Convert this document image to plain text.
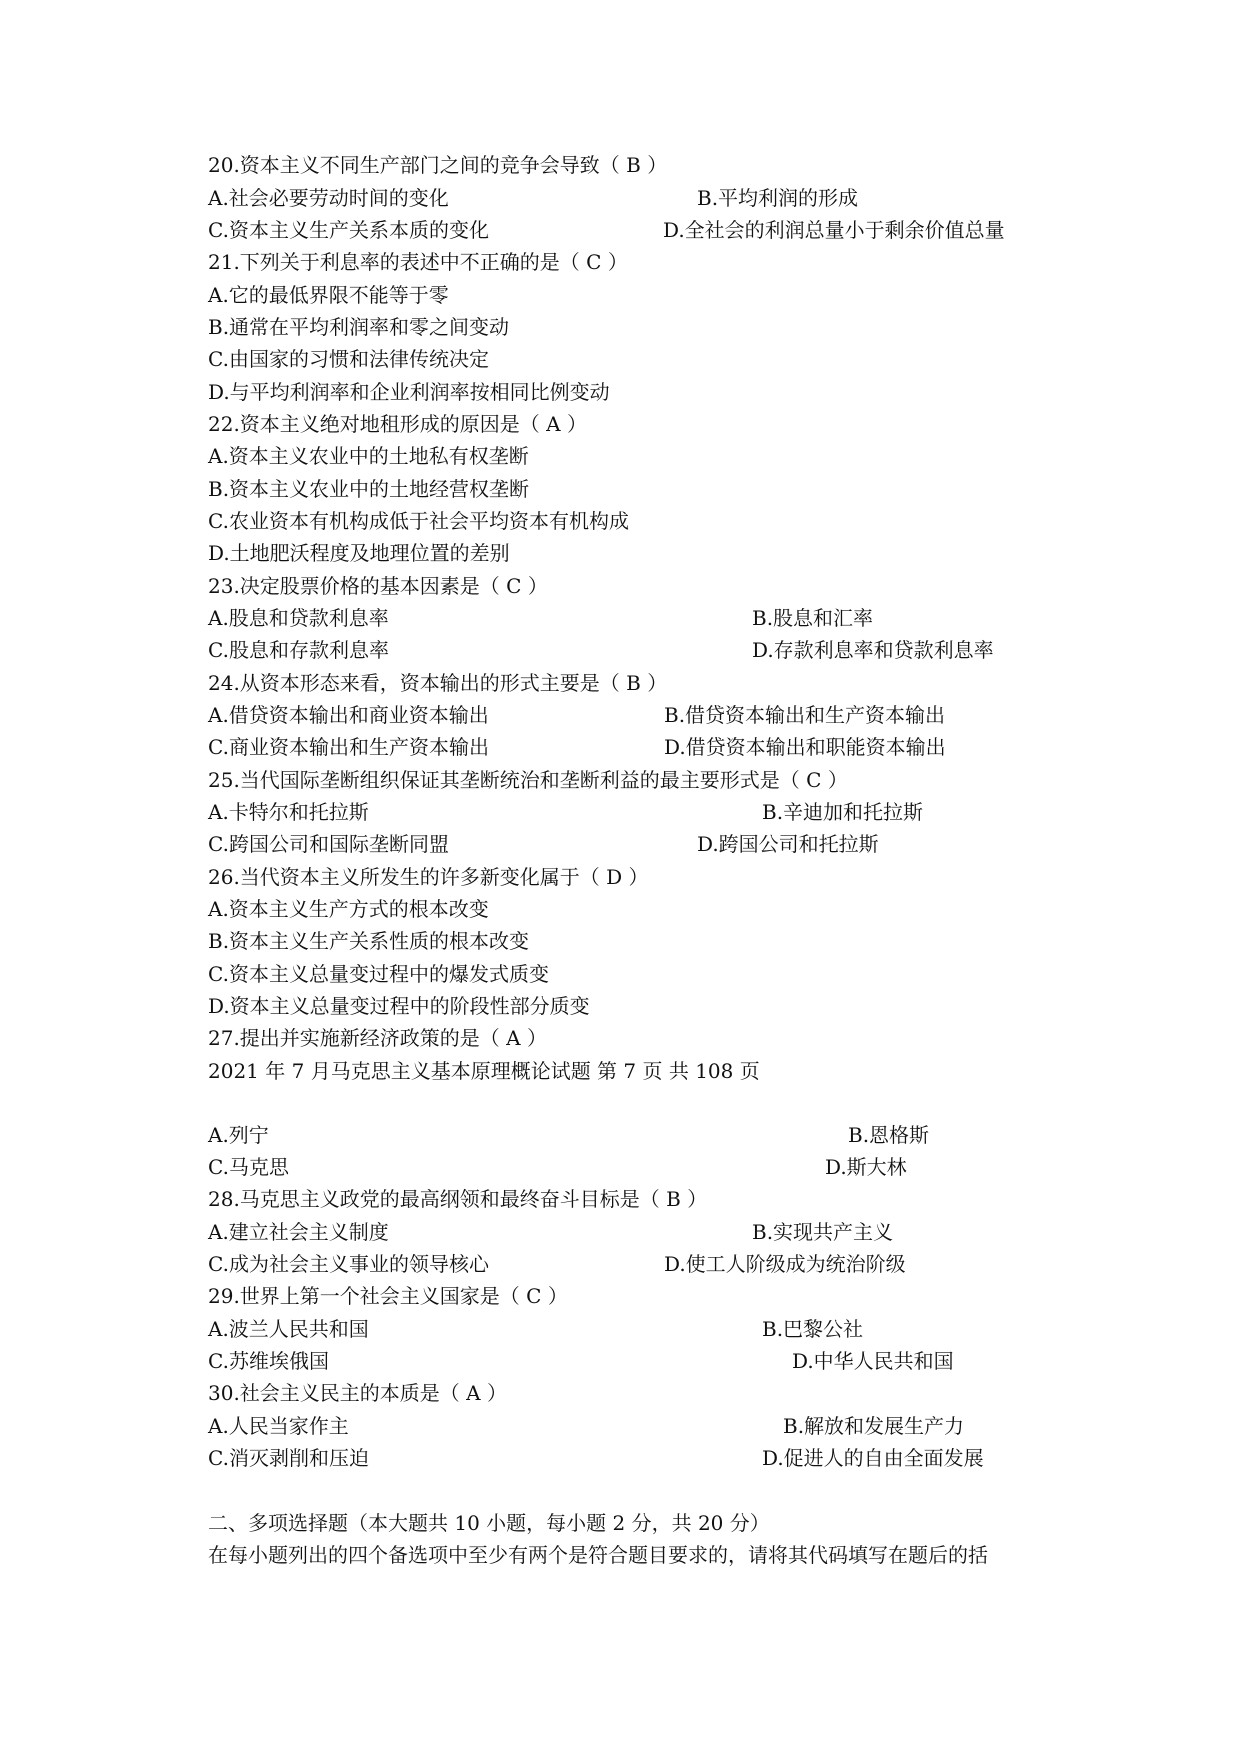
20.资本主义不同生产部门之间的竞争会导致（ B ）
A.社会必要劳动时间的变化	B.平均利润的形成
C.资本主义生产关系本质的变化	D.全社会的利润总量小于剩余价值总量
21.下列关于利息率的表述中不正确的是（ C ）
A.它的最低界限不能等于零
B.通常在平均利润率和零之间变动
C.由国家的习惯和法律传统决定
D.与平均利润率和企业利润率按相同比例变动
22.资本主义绝对地租形成的原因是（ A ）
A.资本主义农业中的土地私有权垄断
B.资本主义农业中的土地经营权垄断
C.农业资本有机构成低于社会平均资本有机构成
D.土地肥沃程度及地理位置的差别
23.决定股票价格的基本因素是（ C ）
A.股息和贷款利息率	B.股息和汇率
C.股息和存款利息率	D.存款利息率和贷款利息率
24.从资本形态来看，资本输出的形式主要是（ B ）
A.借贷资本输出和商业资本输出	B.借贷资本输出和生产资本输出
C.商业资本输出和生产资本输出	D.借贷资本输出和职能资本输出
25.当代国际垄断组织保证其垄断统治和垄断利益的最主要形式是（ C ）
A.卡特尔和托拉斯	B.辛迪加和托拉斯
C.跨国公司和国际垄断同盟	D.跨国公司和托拉斯
26.当代资本主义所发生的许多新变化属于（ D ）
A.资本主义生产方式的根本改变
B.资本主义生产关系性质的根本改变
C.资本主义总量变过程中的爆发式质变
D.资本主义总量变过程中的阶段性部分质变
27.提出并实施新经济政策的是（ A ）
2021 年 7 月马克思主义基本原理概论试题 第 7 页 共 108 页
A.列宁	B.恩格斯
C.马克思	D.斯大林
28.马克思主义政党的最高纲领和最终奋斗目标是（ B ）
A.建立社会主义制度	B.实现共产主义
C.成为社会主义事业的领导核心	D.使工人阶级成为统治阶级
29.世界上第一个社会主义国家是（ C ）
A.波兰人民共和国	B.巴黎公社
C.苏维埃俄国	D.中华人民共和国
30.社会主义民主的本质是（ A ）
A.人民当家作主	B.解放和发展生产力
C.消灭剥削和压迫	D.促进人的自由全面发展
二、多项选择题（本大题共 10 小题，每小题 2 分，共 20 分）
在每小题列出的四个备选项中至少有两个是符合题目要求的，请将其代码填写在题后的括
